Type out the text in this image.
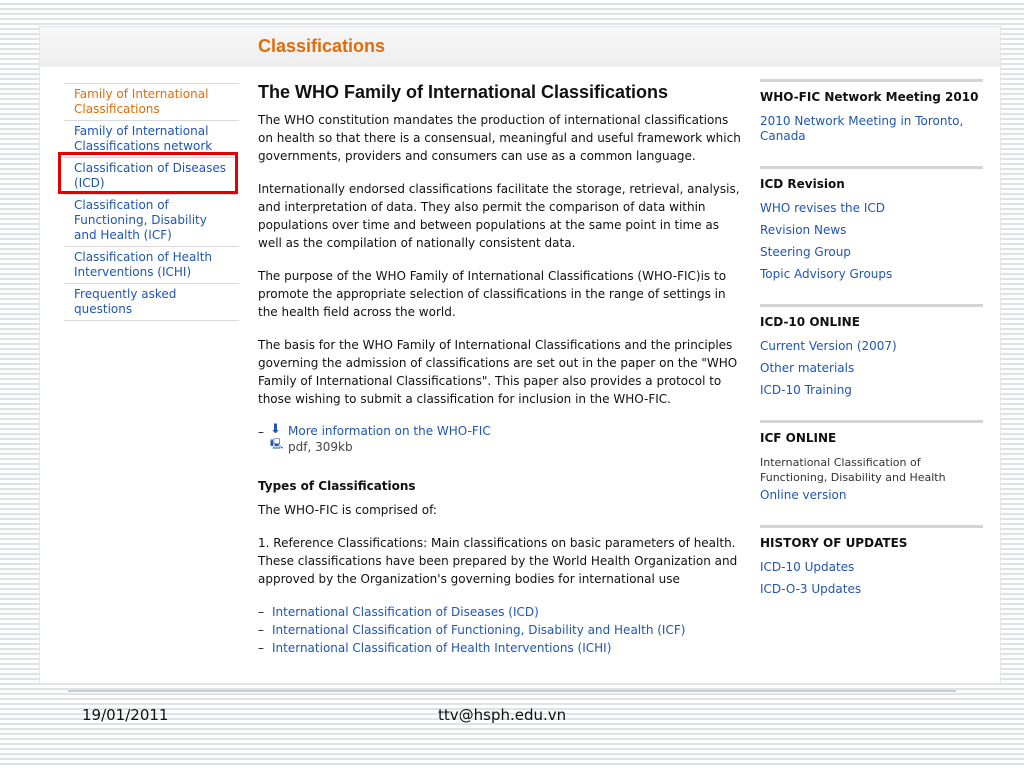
Classifications
Family of International Classifications
Family of International Classifications network
Classification of Diseases (ICD)
Classification of Functioning, Disability and Health (ICF)
Classification of Health Interventions (ICHI)
Frequently asked questions
The WHO Family of International Classifications

The WHO constitution mandates the production of international classifications on health so that there is a consensual, meaningful and useful framework which governments, providers and consumers can use as a common language.

Internationally endorsed classifications facilitate the storage, retrieval, analysis, and interpretation of data. They also permit the comparison of data within populations over time and between populations at the same point in time as well as the compilation of nationally consistent data.

The purpose of the WHO Family of International Classifications (WHO-FIC)is to promote the appropriate selection of classifications in the range of settings in the health field across the world.

The basis for the WHO Family of International Classifications and the principles governing the admission of classifications are set out in the paper on the "WHO Family of International Classifications". This paper also provides a protocol to those wishing to submit a classification for inclusion in the WHO-FIC.

– ⬇
🖳
More information on the WHO-FIC
pdf, 309kb
Types of Classifications

The WHO-FIC is comprised of:

1. Reference Classifications: Main classifications on basic parameters of health. These classifications have been prepared by the World Health Organization and approved by the Organization's governing bodies for international use

– International Classification of Diseases (ICD)
– International Classification of Functioning, Disability and Health (ICF)
– International Classification of Health Interventions (ICHI)
WHO-FIC Network Meeting 2010
2010 Network Meeting in Toronto, Canada
ICD Revision
WHO revises the ICD
Revision News
Steering Group
Topic Advisory Groups
ICD-10 ONLINE
Current Version (2007)
Other materials
ICD-10 Training
ICF ONLINE
International Classification of Functioning, Disability and Health
Online version
HISTORY OF UPDATES
ICD-10 Updates
ICD-O-3 Updates
19/01/2011	ttv@hsph.edu.vn
